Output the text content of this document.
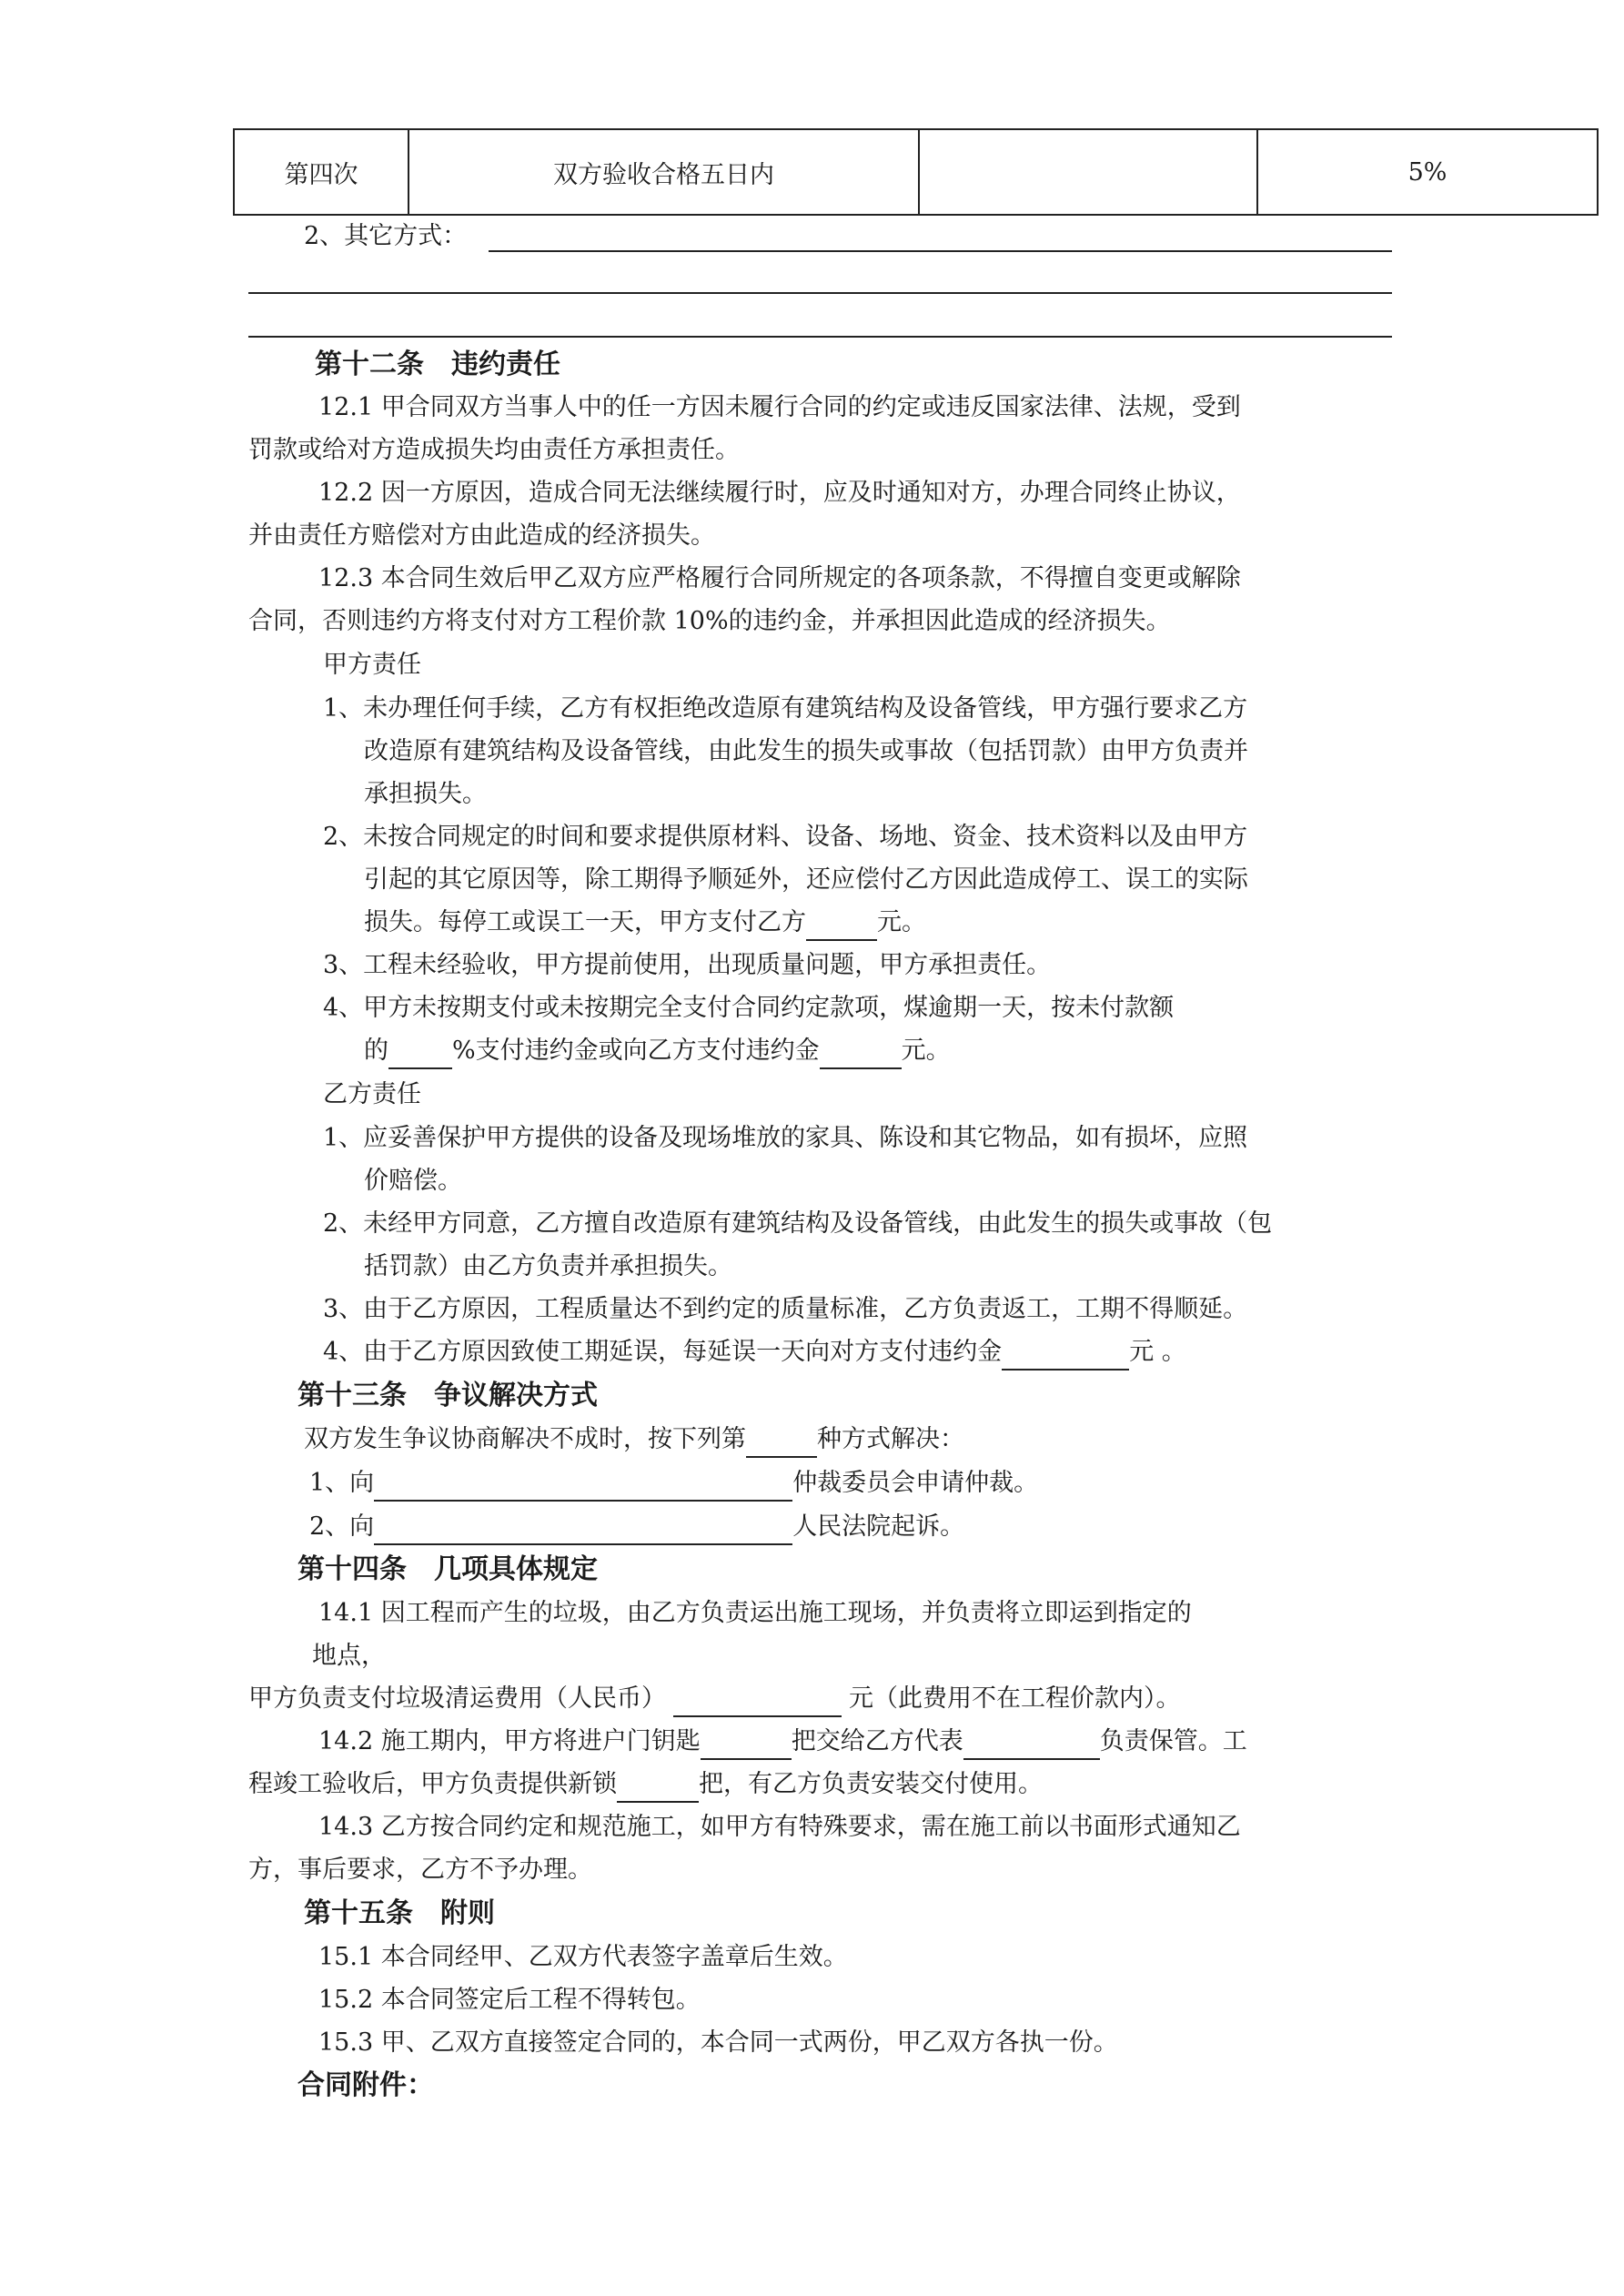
第四次	双方验收合格五日内		5%
2、其它方式：
第十二条　违约责任
12.1 甲合同双方当事人中的任一方因未履行合同的约定或违反国家法律、法规，受到
罚款或给对方造成损失均由责任方承担责任。
12.2 因一方原因，造成合同无法继续履行时，应及时通知对方，办理合同终止协议，
并由责任方赔偿对方由此造成的经济损失。
12.3 本合同生效后甲乙双方应严格履行合同所规定的各项条款，不得擅自变更或解除
合同，否则违约方将支付对方工程价款 10%的违约金，并承担因此造成的经济损失。
甲方责任
1、未办理任何手续，乙方有权拒绝改造原有建筑结构及设备管线，甲方强行要求乙方
改造原有建筑结构及设备管线，由此发生的损失或事故（包括罚款）由甲方负责并
承担损失。
2、未按合同规定的时间和要求提供原材料、设备、场地、资金、技术资料以及由甲方
引起的其它原因等，除工期得予顺延外，还应偿付乙方因此造成停工、误工的实际
损失。每停工或误工一天，甲方支付乙方	元。
3、工程未经验收，甲方提前使用，出现质量问题，甲方承担责任。
4、甲方未按期支付或未按期完全支付合同约定款项，煤逾期一天，按未付款额
的	%支付违约金或向乙方支付违约金	元。
乙方责任
1、应妥善保护甲方提供的设备及现场堆放的家具、陈设和其它物品，如有损坏，应照
价赔偿。
2、未经甲方同意，乙方擅自改造原有建筑结构及设备管线，由此发生的损失或事故（包
括罚款）由乙方负责并承担损失。
3、由于乙方原因，工程质量达不到约定的质量标准，乙方负责返工，工期不得顺延。
4、由于乙方原因致使工期延误，每延误一天向对方支付违约金	元 。
第十三条　争议解决方式
双方发生争议协商解决不成时，按下列第	种方式解决：
1、向	仲裁委员会申请仲裁。
2、向	人民法院起诉。
第十四条　几项具体规定
14.1 因工程而产生的垃圾，由乙方负责运出施工现场，并负责将立即运到指定的
地点，
甲方负责支付垃圾清运费用（人民币）	元（此费用不在工程价款内）。
14.2 施工期内，甲方将进户门钥匙	把交给乙方代表	负责保管。工
程竣工验收后，甲方负责提供新锁	把，有乙方负责安装交付使用。
14.3 乙方按合同约定和规范施工，如甲方有特殊要求，需在施工前以书面形式通知乙
方，事后要求，乙方不予办理。
第十五条　附则
15.1 本合同经甲、乙双方代表签字盖章后生效。
15.2 本合同签定后工程不得转包。
15.3 甲、乙双方直接签定合同的，本合同一式两份，甲乙双方各执一份。
合同附件：
